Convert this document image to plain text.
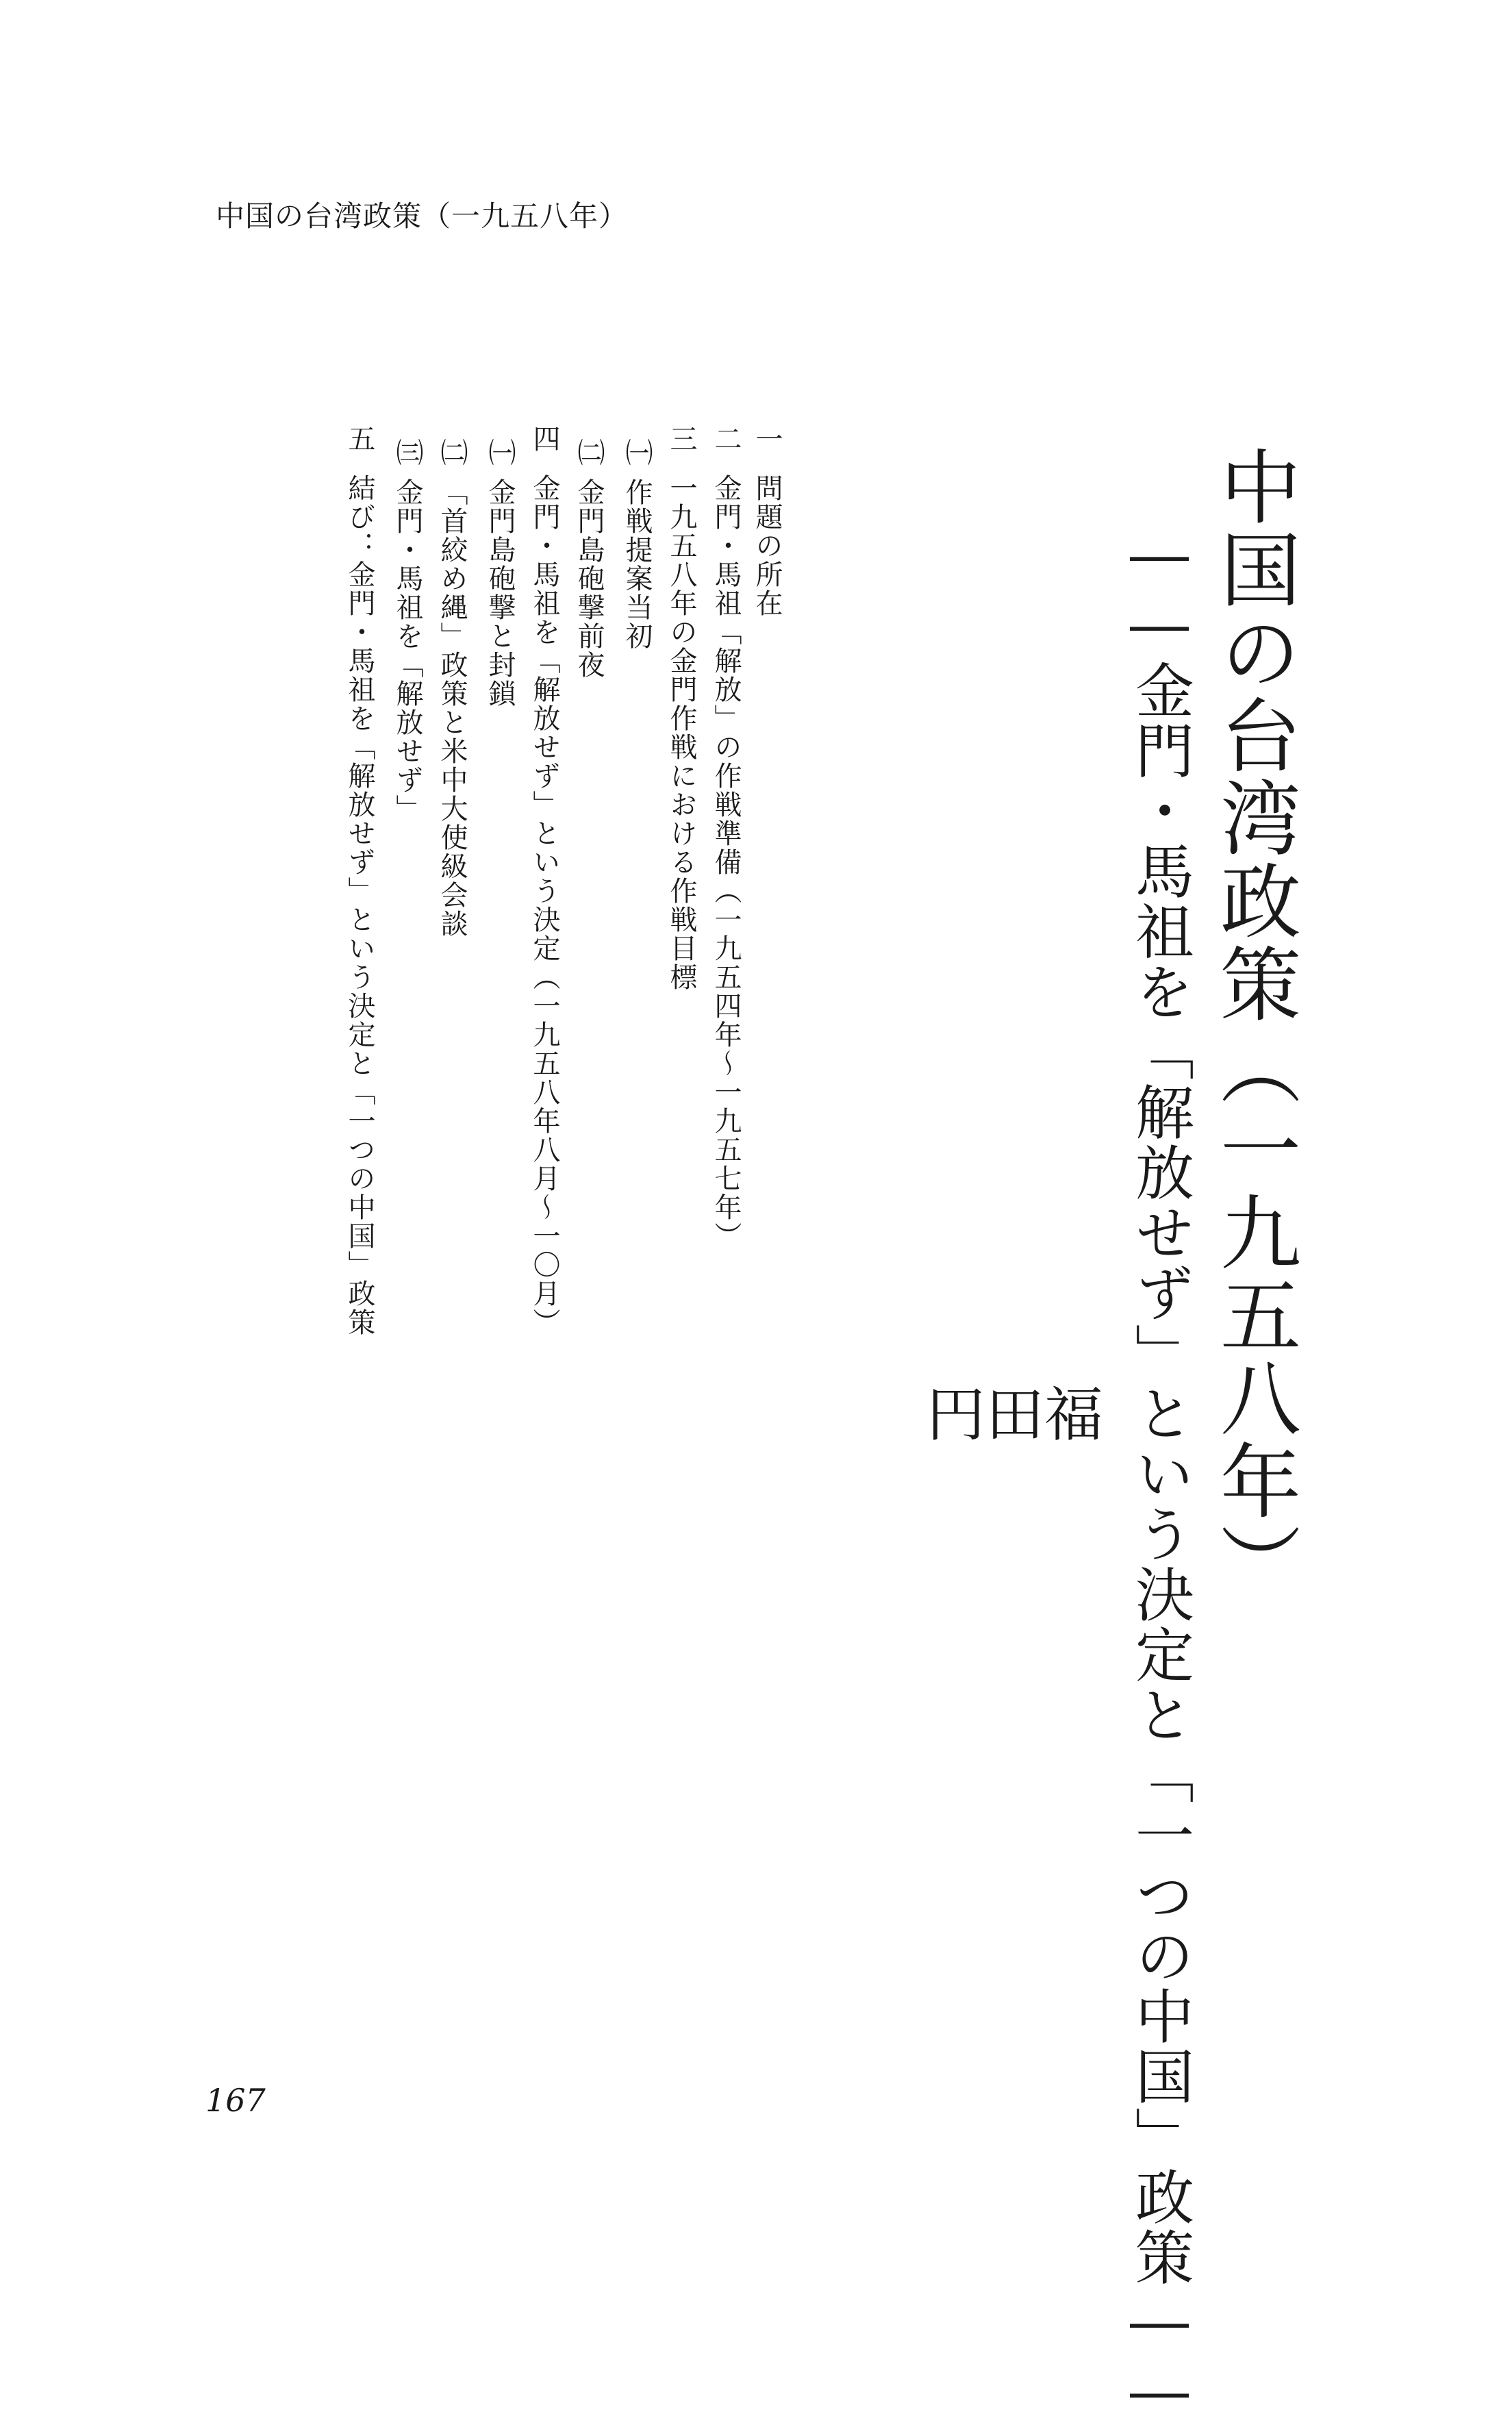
中国の台湾政策（一九五八年）
中国の台湾政策（一九五八年）
――金門・馬祖を「解放せず」という決定と「一つの中国」政策――
福
田
円
一問題の所在
二金門・馬祖「解放」の作戦準備（一九五四年〜一九五七年）
三一九五八年の金門作戦における作戦目標
㈠作戦提案当初
㈡金門島砲撃前夜
四金門・馬祖を「解放せず」という決定（一九五八年八月〜一〇月）
㈠金門島砲撃と封鎖
㈡「首絞め縄」政策と米中大使級会談
㈢金門・馬祖を「解放せず」
五結び：金門・馬祖を「解放せず」という決定と「一つの中国」政策
167
